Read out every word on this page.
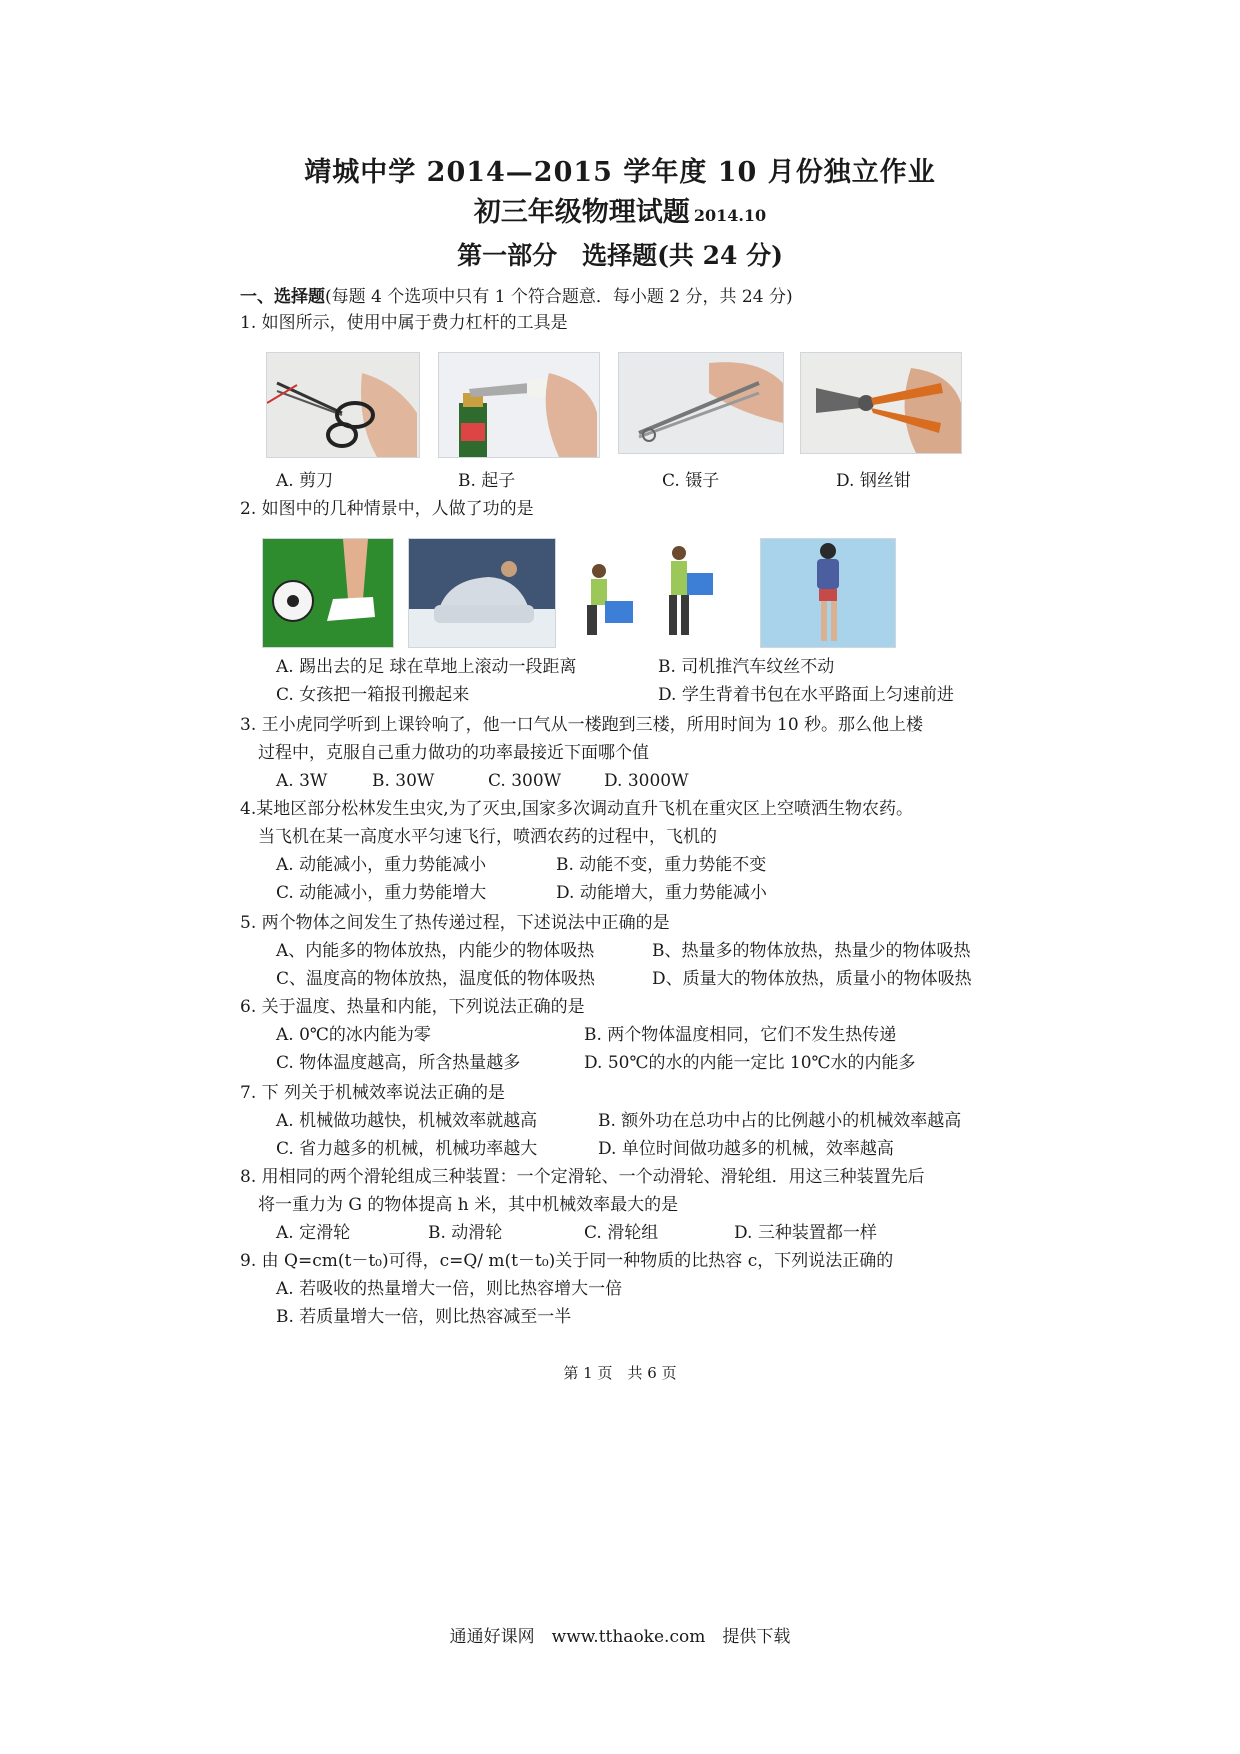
靖城中学 2014—2015 学年度 10 月份独立作业
初三年级物理试题 2014.10
第一部分　选择题(共 24 分)
一、选择题(每题 4 个选项中只有 1 个符合题意．每小题 2 分，共 24 分)
1. 如图所示，使用中属于费力杠杆的工具是
A. 剪刀	B. 起子	C. 镊子	D. 钢丝钳
2. 如图中的几种情景中，人做了功的是
A. 踢出去的足 球在草地上滚动一段距离	B. 司机推汽车纹丝不动
C. 女孩把一箱报刊搬起来	D. 学生背着书包在水平路面上匀速前进
3. 王小虎同学听到上课铃响了，他一口气从一楼跑到三楼，所用时间为 10 秒。那么他上楼
过程中，克服自己重力做功的功率最接近下面哪个值
A. 3W	B. 30W	C. 300W	D. 3000W
4.某地区部分松林发生虫灾,为了灭虫,国家多次调动直升飞机在重灾区上空喷洒生物农药。
当飞机在某一高度水平匀速飞行，喷洒农药的过程中，飞机的
A. 动能减小，重力势能减小	B. 动能不变，重力势能不变
C. 动能减小，重力势能增大	D. 动能增大，重力势能减小
5. 两个物体之间发生了热传递过程，下述说法中正确的是
A、内能多的物体放热，内能少的物体吸热	B、热量多的物体放热，热量少的物体吸热
C、温度高的物体放热，温度低的物体吸热	D、质量大的物体放热，质量小的物体吸热
6. 关于温度、热量和内能，下列说法正确的是
A. 0℃的冰内能为零	B. 两个物体温度相同，它们不发生热传递
C. 物体温度越高，所含热量越多	D. 50℃的水的内能一定比 10℃水的内能多
7. 下 列关于机械效率说法正确的是
A. 机械做功越快，机械效率就越高	B. 额外功在总功中占的比例越小的机械效率越高
C. 省力越多的机械，机械功率越大	D. 单位时间做功越多的机械，效率越高
8. 用相同的两个滑轮组成三种装置：一个定滑轮、一个动滑轮、滑轮组．用这三种装置先后
将一重力为 G 的物体提高 h 米，其中机械效率最大的是
A. 定滑轮	B. 动滑轮	C. 滑轮组	D. 三种装置都一样
9. 由 Q=cm(t－t₀)可得，c=Q/ m(t－t₀)关于同一种物质的比热容 c，下列说法正确的
A. 若吸收的热量增大一倍，则比热容增大一倍
B. 若质量增大一倍，则比热容减至一半
第 1 页　共 6 页
通通好课网　www.tthaoke.com　提供下载
